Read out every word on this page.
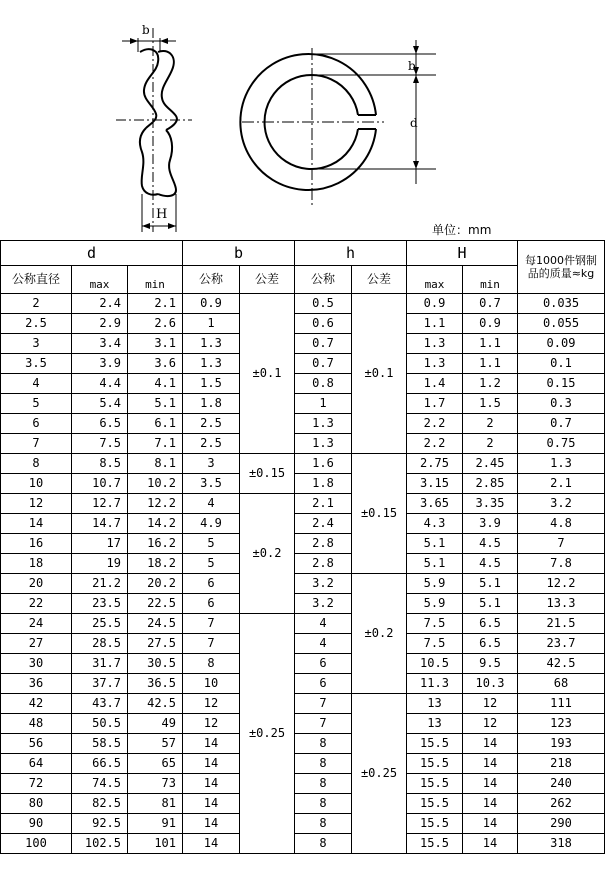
b
H
b
d
单位：mm
d			b		h		H		每1000件钢制品的质量≈kg
公称直径	max	min	公称	公差	公称	公差	max	min	
2	2.4	2.1	0.9	±0.1	0.5	±0.1	0.9	0.7	0.035
2.5	2.9	2.6	1		0.6		1.1	0.9	0.055
3	3.4	3.1	1.3		0.7		1.3	1.1	0.09
3.5	3.9	3.6	1.3		0.7		1.3	1.1	0.1
4	4.4	4.1	1.5		0.8		1.4	1.2	0.15
5	5.4	5.1	1.8		1		1.7	1.5	0.3
6	6.5	6.1	2.5		1.3		2.2	2	0.7
7	7.5	7.1	2.5		1.3		2.2	2	0.75
8	8.5	8.1	3	±0.15	1.6	±0.15	2.75	2.45	1.3
10	10.7	10.2	3.5		1.8		3.15	2.85	2.1
12	12.7	12.2	4	±0.2	2.1		3.65	3.35	3.2
14	14.7	14.2	4.9		2.4		4.3	3.9	4.8
16	17	16.2	5		2.8		5.1	4.5	7
18	19	18.2	5		2.8		5.1	4.5	7.8
20	21.2	20.2	6		3.2	±0.2	5.9	5.1	12.2
22	23.5	22.5	6		3.2		5.9	5.1	13.3
24	25.5	24.5	7	±0.25	4		7.5	6.5	21.5
27	28.5	27.5	7		4		7.5	6.5	23.7
30	31.7	30.5	8		6		10.5	9.5	42.5
36	37.7	36.5	10		6		11.3	10.3	68
42	43.7	42.5	12		7	±0.25	13	12	111
48	50.5	49	12		7		13	12	123
56	58.5	57	14		8		15.5	14	193
64	66.5	65	14		8		15.5	14	218
72	74.5	73	14		8		15.5	14	240
80	82.5	81	14		8		15.5	14	262
90	92.5	91	14		8		15.5	14	290
100	102.5	101	14		8		15.5	14	318
